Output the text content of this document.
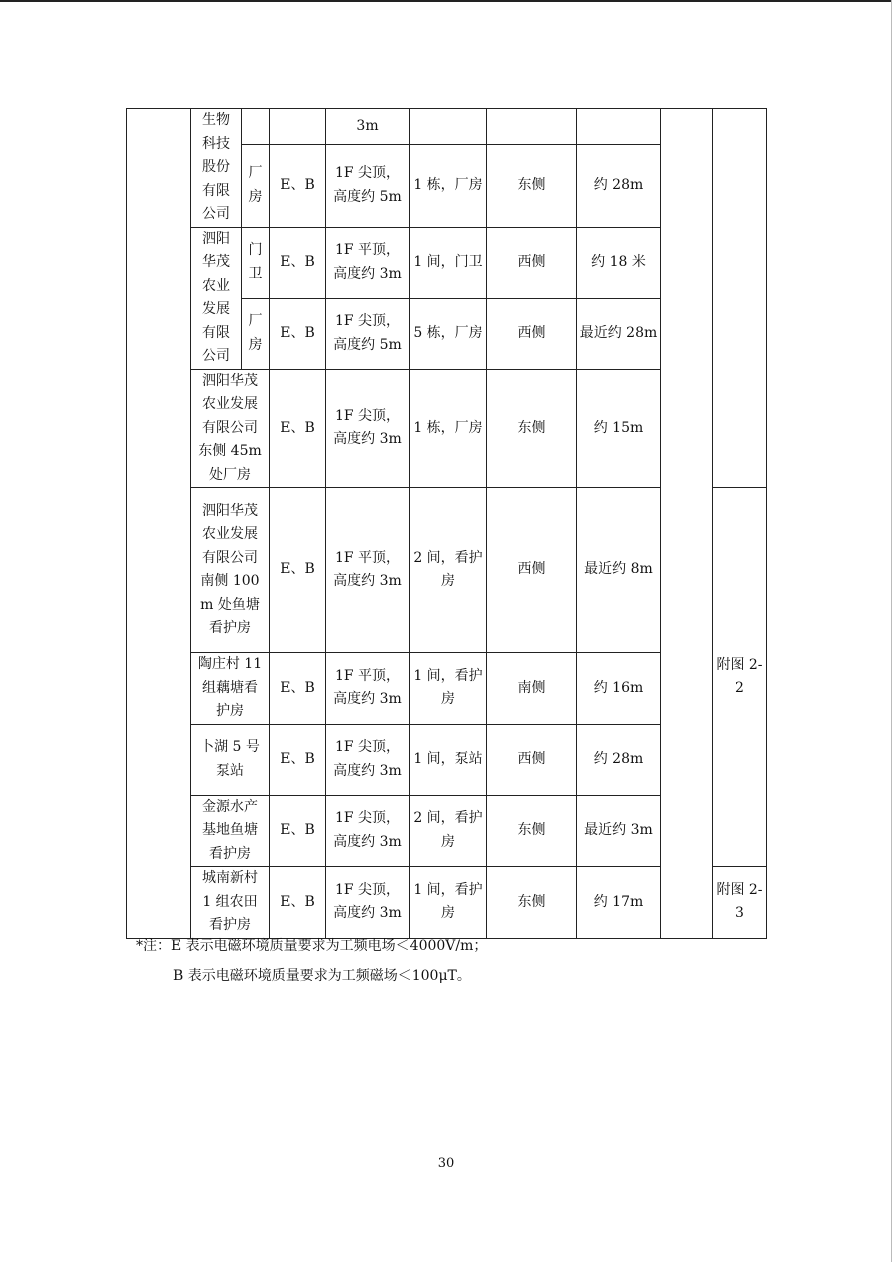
	生物科技股份有限公司			3m					
		厂房	E、B	1F 尖顶，高度约 5m	1 栋，厂房	东侧	约 28m		
	泗阳华茂农业发展有限公司	门卫	E、B	1F 平顶，高度约 3m	1 间，门卫	西侧	约 18 米		
		厂房	E、B	1F 尖顶，高度约 5m	5 栋，厂房	西侧	最近约 28m		
	泗阳华茂农业发展有限公司东侧 45m 处厂房		E、B	1F 尖顶，高度约 3m	1 栋，厂房	东侧	约 15m		
	泗阳华茂农业发展有限公司南侧 100m 处鱼塘看护房		E、B	1F 平顶，高度约 3m	2 间，看护房	西侧	最近约 8m		附图 2-2
	陶庄村 11 组藕塘看护房		E、B	1F 平顶，高度约 3m	1 间，看护房	南侧	约 16m		
	卜湖 5 号泵站		E、B	1F 尖顶，高度约 3m	1 间，泵站	西侧	约 28m		
	金源水产基地鱼塘看护房		E、B	1F 尖顶，高度约 3m	2 间，看护房	东侧	最近约 3m		
	城南新村 1 组农田看护房		E、B	1F 尖顶，高度约 3m	1 间，看护房	东侧	约 17m		附图 2-3
*注：E 表示电磁环境质量要求为工频电场＜4000V/m；
B 表示电磁环境质量要求为工频磁场＜100μT。
30
